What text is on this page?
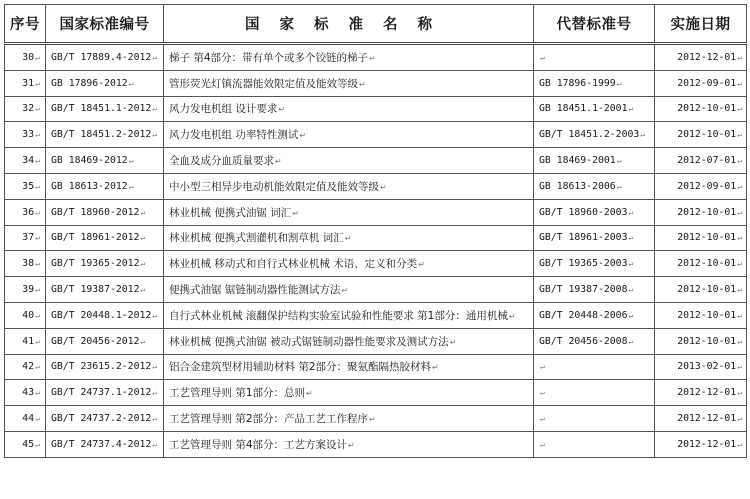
序号	国家标准编号	国家标准名称	代替标准号	实施日期
30↵	GB/T 17889.4-2012↵	梯子 第4部分：带有单个或多个铰链的梯子↵	↵	2012-12-01↵
31↵	GB 17896-2012↵	管形荧光灯镇流器能效限定值及能效等级↵	GB 17896-1999↵	2012-09-01↵
32↵	GB/T 18451.1-2012↵	风力发电机组 设计要求↵	GB 18451.1-2001↵	2012-10-01↵
33↵	GB/T 18451.2-2012↵	风力发电机组 功率特性测试↵	GB/T 18451.2-2003↵	2012-10-01↵
34↵	GB 18469-2012↵	全血及成分血质量要求↵	GB 18469-2001↵	2012-07-01↵
35↵	GB 18613-2012↵	中小型三相异步电动机能效限定值及能效等级↵	GB 18613-2006↵	2012-09-01↵
36↵	GB/T 18960-2012↵	林业机械 便携式油锯 词汇↵	GB/T 18960-2003↵	2012-10-01↵
37↵	GB/T 18961-2012↵	林业机械 便携式割灌机和割草机 词汇↵	GB/T 18961-2003↵	2012-10-01↵
38↵	GB/T 19365-2012↵	林业机械 移动式和自行式林业机械 术语、定义和分类↵	GB/T 19365-2003↵	2012-10-01↵
39↵	GB/T 19387-2012↵	便携式油锯 锯链制动器性能测试方法↵	GB/T 19387-2008↵	2012-10-01↵
40↵	GB/T 20448.1-2012↵	自行式林业机械 滚翻保护结构实验室试验和性能要求 第1部分：通用机械↵	GB/T 20448-2006↵	2012-10-01↵
41↵	GB/T 20456-2012↵	林业机械 便携式油锯 被动式锯链制动器性能要求及测试方法↵	GB/T 20456-2008↵	2012-10-01↵
42↵	GB/T 23615.2-2012↵	铝合金建筑型材用辅助材料 第2部分：聚氨酯隔热胶材料↵	↵	2013-02-01↵
43↵	GB/T 24737.1-2012↵	工艺管理导则 第1部分：总则↵	↵	2012-12-01↵
44↵	GB/T 24737.2-2012↵	工艺管理导则 第2部分：产品工艺工作程序↵	↵	2012-12-01↵
45↵	GB/T 24737.4-2012↵	工艺管理导则 第4部分：工艺方案设计↵	↵	2012-12-01↵
